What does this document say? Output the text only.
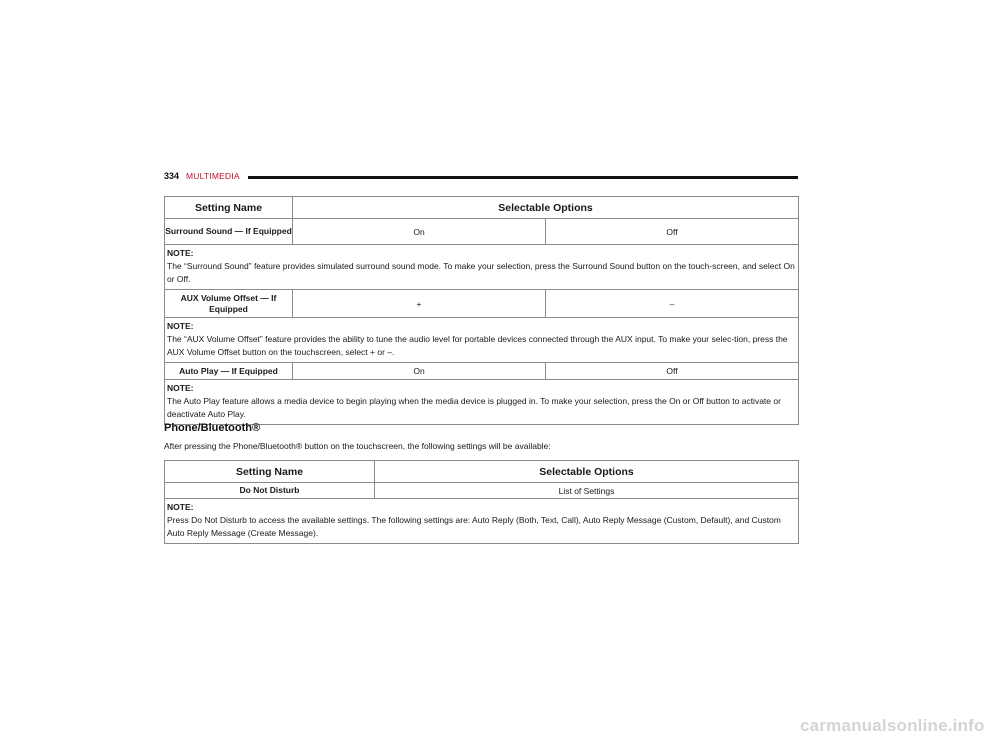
334 MULTIMEDIA
Setting Name	Selectable Options	
Surround Sound — If Equipped	On	Off

NOTE:
The “Surround Sound” feature provides simulated surround sound mode. To make your selection, press the Surround Sound button on the touch-screen, and select On or Off.		
AUX Volume Offset — If Equipped	+	–

NOTE:
The “AUX Volume Offset” feature provides the ability to tune the audio level for portable devices connected through the AUX input. To make your selec-tion, press the AUX Volume Offset button on the touchscreen, select + or –.		
Auto Play — If Equipped	On	Off

NOTE:
The Auto Play feature allows a media device to begin playing when the media device is plugged in. To make your selection, press the On or Off button to activate or deactivate Auto Play.		
Phone/Bluetooth®
After pressing the Phone/Bluetooth® button on the touchscreen, the following settings will be available:
Setting Name	Selectable Options
Do Not Disturb	List of Settings

NOTE:
Press Do Not Disturb to access the available settings. The following settings are: Auto Reply (Both, Text, Call), Auto Reply Message (Custom, Default), and Custom Auto Reply Message (Create Message).	
carmanualsonline.info
